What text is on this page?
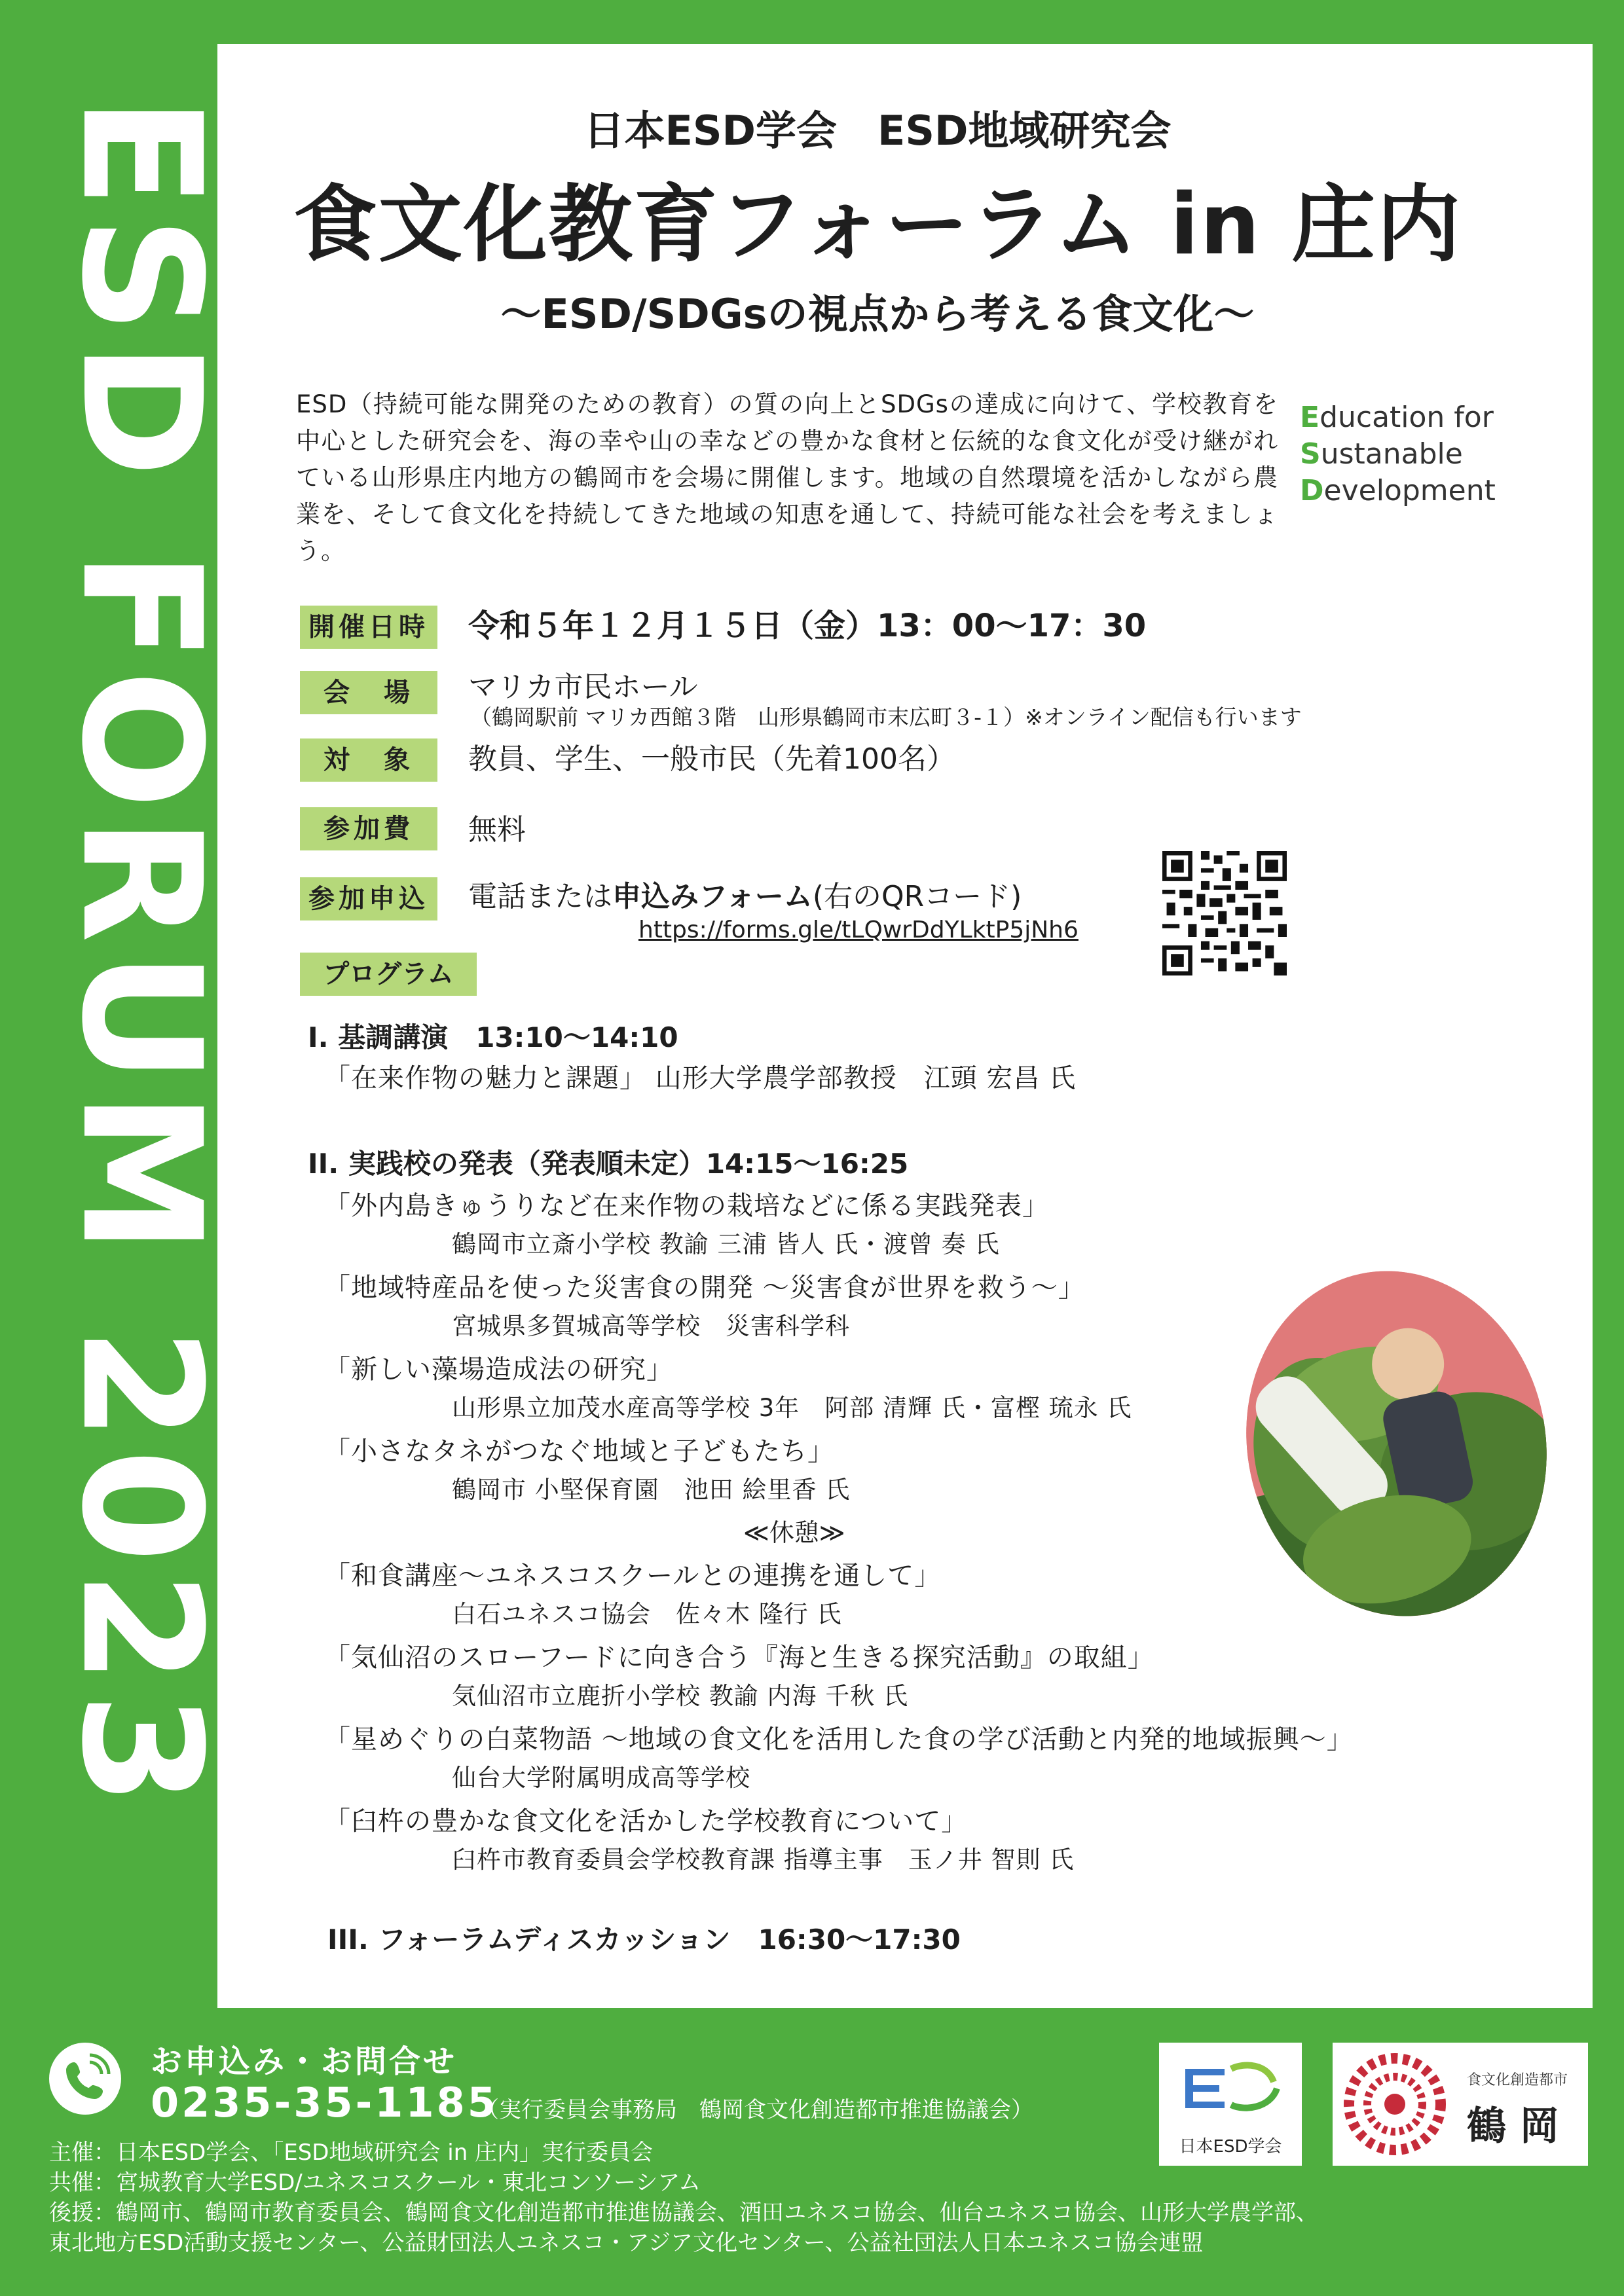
ESD FORUM 2023	日本ESD学会　ESD地域研究会
食文化教育フォーラム in 庄内
～ESD/SDGsの視点から考える食文化～
ESD（持続可能な開発のための教育）の質の向上とSDGsの達成に向けて、学校教育を中心とした研究会を、海の幸や山の幸などの豊かな食材と伝統的な食文化が受け継がれている山形県庄内地方の鶴岡市を会場に開催します。地域の自然環境を活かしながら農業を、そして食文化を持続してきた地域の知恵を通して、持続可能な社会を考えましょう。
Education for
Sustanable
Development
開催日時 令和５年１２月１５日（金）13：00～17：30
会　場	マリカ市民ホール
（鶴岡駅前 マリカ西館３階　山形県鶴岡市末広町３-１）※オンライン配信も行います
対　象	教員、学生、一般市民（先着100名）
参加費	無料
参加申込 電話または申込みフォーム(右のQRコード)
https://forms.gle/tLQwrDdYLktP5jNh6
プログラム
I. 基調講演　13:10～14:10
「在来作物の魅力と課題」 山形大学農学部教授　江頭 宏昌 氏
II. 実践校の発表（発表順未定）14:15～16:25
「外内島きゅうりなど在来作物の栽培などに係る実践発表」
鶴岡市立斎小学校 教諭 三浦 皆人 氏・渡曾 奏 氏
「地域特産品を使った災害食の開発 ～災害食が世界を救う～」
宮城県多賀城高等学校　災害科学科
「新しい藻場造成法の研究」
山形県立加茂水産高等学校 3年　阿部 清輝 氏・富樫 琉永 氏
「小さなタネがつなぐ地域と子どもたち」
鶴岡市 小堅保育園　池田 絵里香 氏
≪休憩≫
「和食講座～ユネスコスクールとの連携を通して」
白石ユネスコ協会　佐々木 隆行 氏
「気仙沼のスローフードに向き合う『海と生きる探究活動』の取組」
気仙沼市立鹿折小学校 教諭 内海 千秋 氏
「星めぐりの白菜物語 ～地域の食文化を活用した食の学び活動と内発的地域振興～」
仙台大学附属明成高等学校
「臼杵の豊かな食文化を活かした学校教育について」
臼杵市教育委員会学校教育課 指導主事　玉ノ井 智則 氏
III. フォーラムディスカッション　16:30～17:30
お申込み・お問合せ
0235-35-1185
（実行委員会事務局　鶴岡食文化創造都市推進協議会）
主催：日本ESD学会、「ESD地域研究会 in 庄内」実行委員会
共催：宮城教育大学ESD/ユネスコスクール・東北コンソーシアム
後援：鶴岡市、鶴岡市教育委員会、鶴岡食文化創造都市推進協議会、酒田ユネスコ協会、仙台ユネスコ協会、山形大学農学部、
東北地方ESD活動支援センター、公益財団法人ユネスコ・アジア文化センター、公益社団法人日本ユネスコ協会連盟
日本ESD学会
食文化創造都市
鶴 岡
